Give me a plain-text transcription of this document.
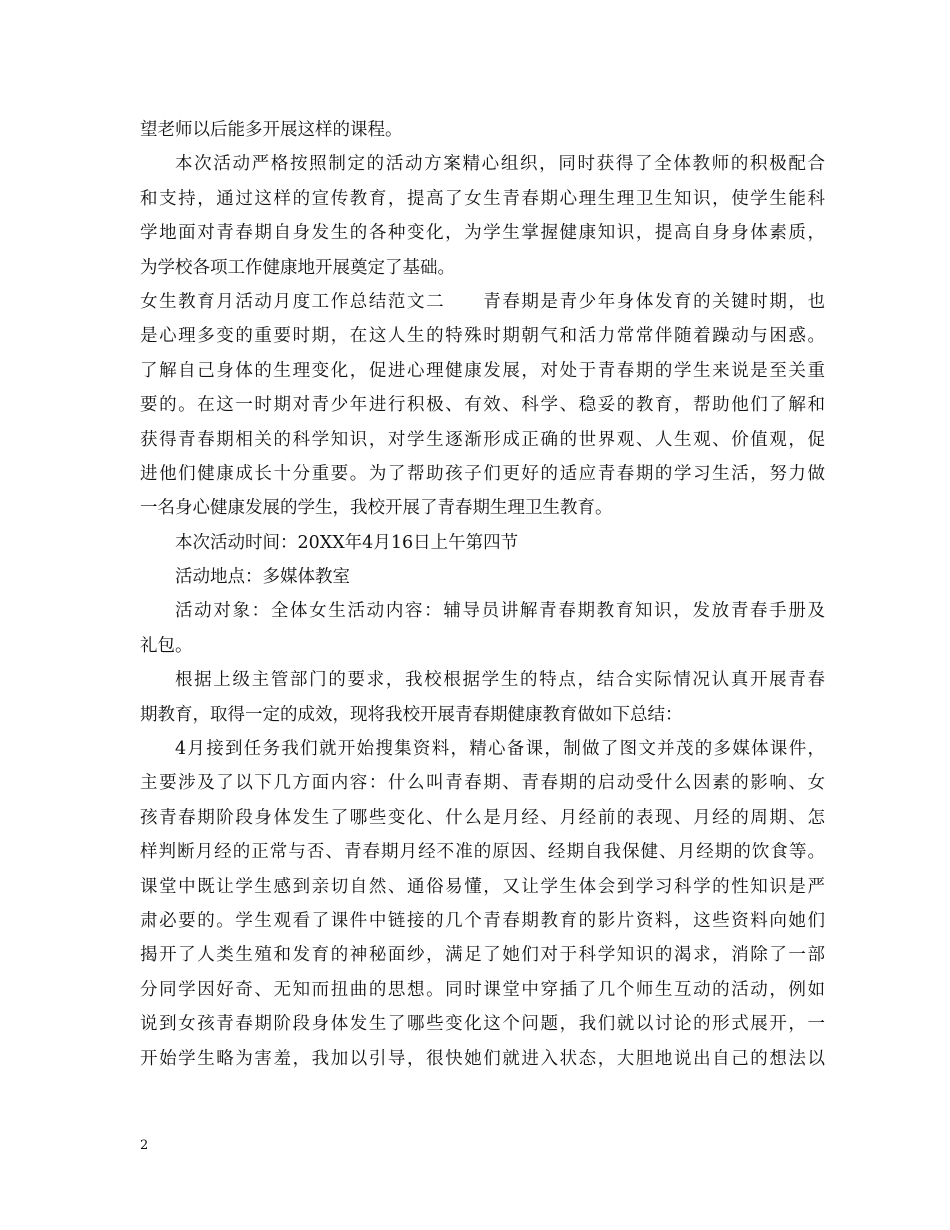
望老师以后能多开展这样的课程。
本次活动严格按照制定的活动方案精心组织，同时获得了全体教师的积极配合
和支持，通过这样的宣传教育，提高了女生青春期心理生理卫生知识，使学生能科
学地面对青春期自身发生的各种变化，为学生掌握健康知识，提高自身身体素质，
为学校各项工作健康地开展奠定了基础。
女生教育月活动月度工作总结范文二　　青春期是青少年身体发育的关键时期，也
是心理多变的重要时期，在这人生的特殊时期朝气和活力常常伴随着躁动与困惑。
了解自己身体的生理变化，促进心理健康发展，对处于青春期的学生来说是至关重
要的。在这一时期对青少年进行积极、有效、科学、稳妥的教育，帮助他们了解和
获得青春期相关的科学知识，对学生逐渐形成正确的世界观、人生观、价值观，促
进他们健康成长十分重要。为了帮助孩子们更好的适应青春期的学习生活，努力做
一名身心健康发展的学生，我校开展了青春期生理卫生教育。
本次活动时间：20XX年4月16日上午第四节
活动地点：多媒体教室
活动对象：全体女生活动内容：辅导员讲解青春期教育知识，发放青春手册及
礼包。
根据上级主管部门的要求，我校根据学生的特点，结合实际情况认真开展青春
期教育，取得一定的成效，现将我校开展青春期健康教育做如下总结：
4月接到任务我们就开始搜集资料，精心备课，制做了图文并茂的多媒体课件，
主要涉及了以下几方面内容：什么叫青春期、青春期的启动受什么因素的影响、女
孩青春期阶段身体发生了哪些变化、什么是月经、月经前的表现、月经的周期、怎
样判断月经的正常与否、青春期月经不准的原因、经期自我保健、月经期的饮食等。
课堂中既让学生感到亲切自然、通俗易懂，又让学生体会到学习科学的性知识是严
肃必要的。学生观看了课件中链接的几个青春期教育的影片资料，这些资料向她们
揭开了人类生殖和发育的神秘面纱，满足了她们对于科学知识的渴求，消除了一部
分同学因好奇、无知而扭曲的思想。同时课堂中穿插了几个师生互动的活动，例如
说到女孩青春期阶段身体发生了哪些变化这个问题，我们就以讨论的形式展开，一
开始学生略为害羞，我加以引导，很快她们就进入状态，大胆地说出自己的想法以
2
